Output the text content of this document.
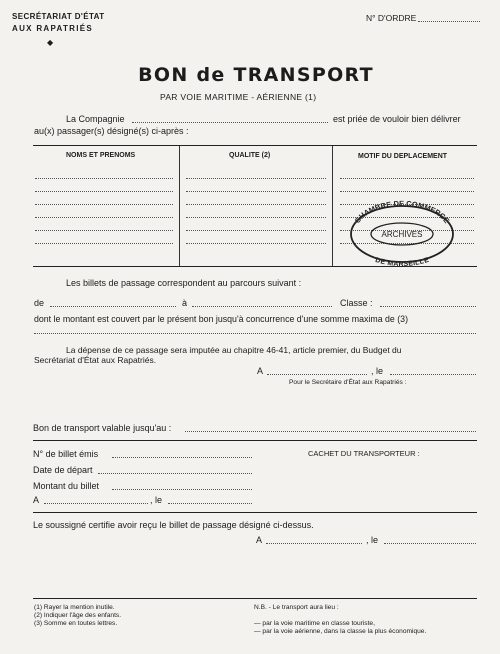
SECRÉTARIAT D'ÉTAT
AUX RAPATRIÉS
◆
N° D'ORDRE
BON de TRANSPORT
PAR VOIE MARITIME - AÉRIENNE (1)
La Compagnie	est priée de vouloir bien délivrer
au(x) passager(s) désigné(s) ci-après :
NOMS ET PRENOMS	QUALITE (2)	MOTIF DU DEPLACEMENT
CHAMBRE DE COMMERCE
ARCHIVES
DE MARSEILLE
Les billets de passage correspondent au parcours suivant :
de	à	Classe :
dont le montant est couvert par le présent bon jusqu'à concurrence d'une somme maxima de (3)
La dépense de ce passage sera imputée au chapitre 46-41, article premier, du Budget du
Secrétariat d'État aux Rapatriés.
A	, le
Pour le Secrétaire d'État aux Rapatriés :
Bon de transport valable jusqu'au :
N° de billet émis	CACHET DU TRANSPORTEUR :
Date de départ
Montant du billet
A	, le
Le soussigné certifie avoir reçu le billet de passage désigné ci-dessus.
A	, le
(1) Rayer la mention inutile.
(2) Indiquer l'âge des enfants.
(3) Somme en toutes lettres.
N.B. - Le transport aura lieu :
— par la voie maritime en classe touriste,
— par la voie aérienne, dans la classe la plus économique.
